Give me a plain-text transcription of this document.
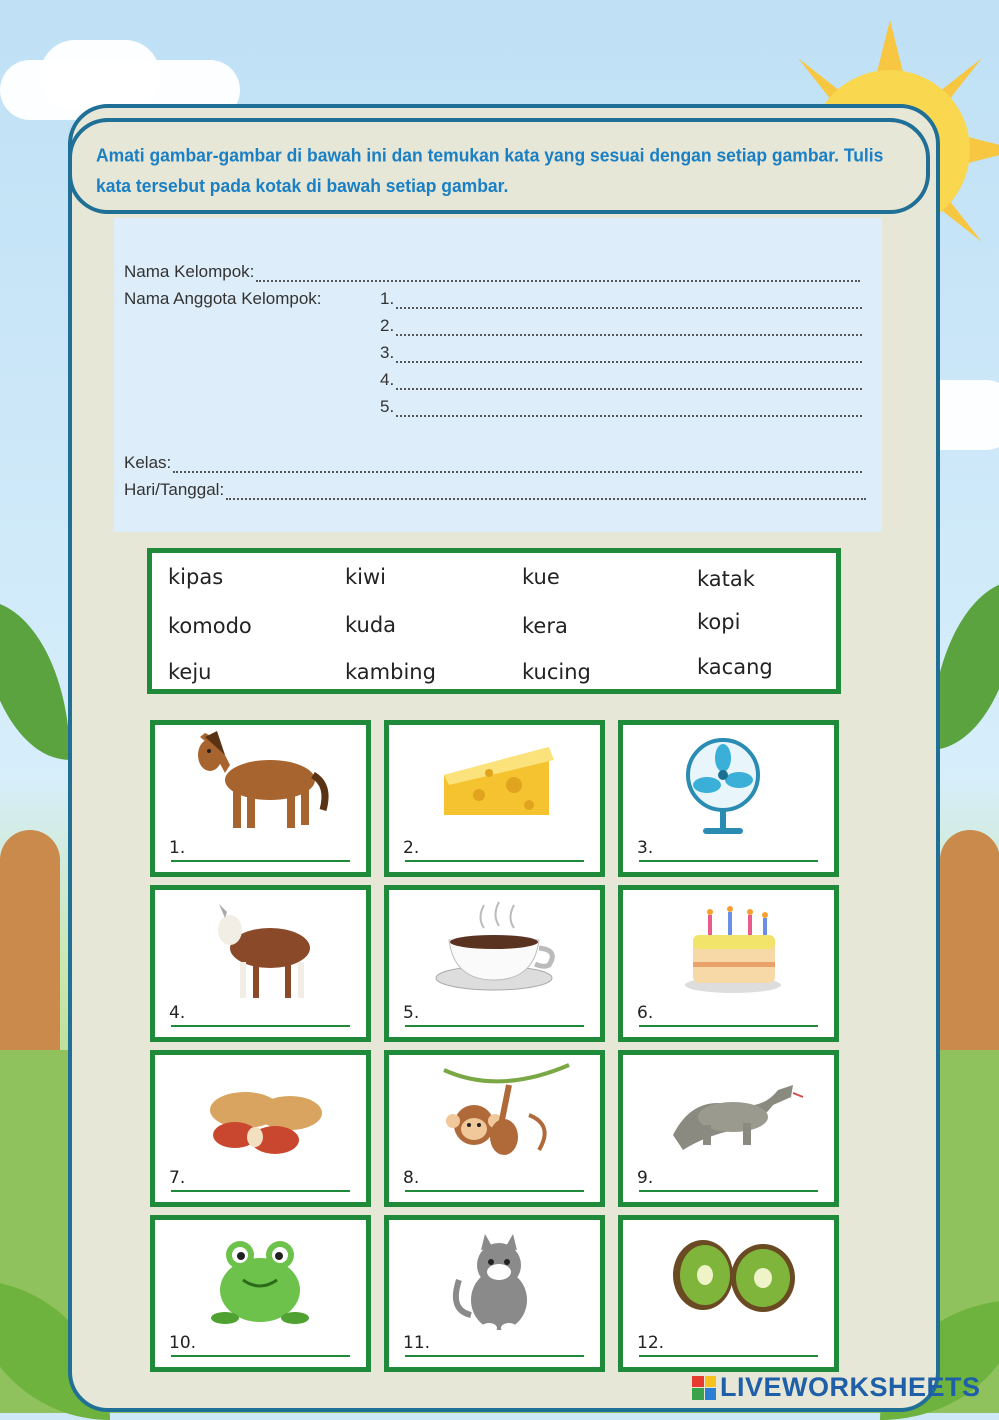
Amati gambar-gambar di bawah ini dan temukan kata yang sesuai dengan setiap gambar. Tulis kata tersebut pada kotak di bawah setiap gambar.
Nama Kelompok:
Nama Anggota Kelompok:	1.
2.
3.
4.
5.
Kelas:
Hari/Tanggal:
kipas	kiwi	kue	katak
komodo	kuda	kera	kopi
keju	kambing	kucing	kacang
1.	2.	3.
4.	5.	6.
7.	8.	9.
10.	11.	12.
LIVEWORKSHEETS
